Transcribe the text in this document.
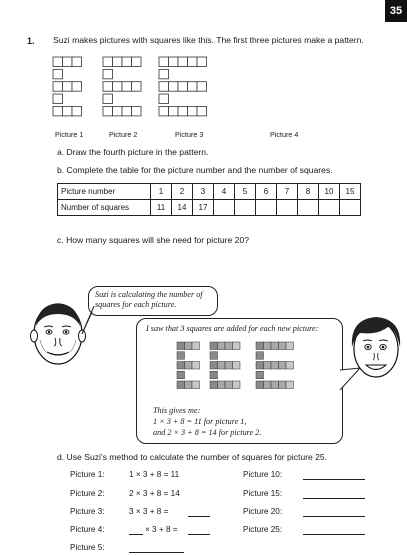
35
1. Suzi makes pictures with squares like this. The first three pictures make a pattern.
Picture 1	Picture 2	Picture 3	Picture 4
a. Draw the fourth picture in the pattern.
b. Complete the table for the picture number and the number of squares.
Picture number	1	2	3	4	5	6	7	8	10	15
Number of squares	11	14	17							
c. How many squares will she need for picture 20?
Suzi is calculating the number of squares for each picture.
I saw that 3 squares are added for each new picture:
This gives me:
1 × 3 + 8 = 11 for picture 1,
and 2 × 3 + 8 = 14 for picture 2.
d. Use Suzi's method to calculate the number of squares for picture 25.
Picture 1:	1 × 3 + 8 = 11
Picture 2:	2 × 3 + 8 = 14
Picture 3:	3 × 3 + 8 =
Picture 4:	× 3 + 8 =
Picture 5:
Picture 10:
Picture 15:
Picture 20:
Picture 25:
